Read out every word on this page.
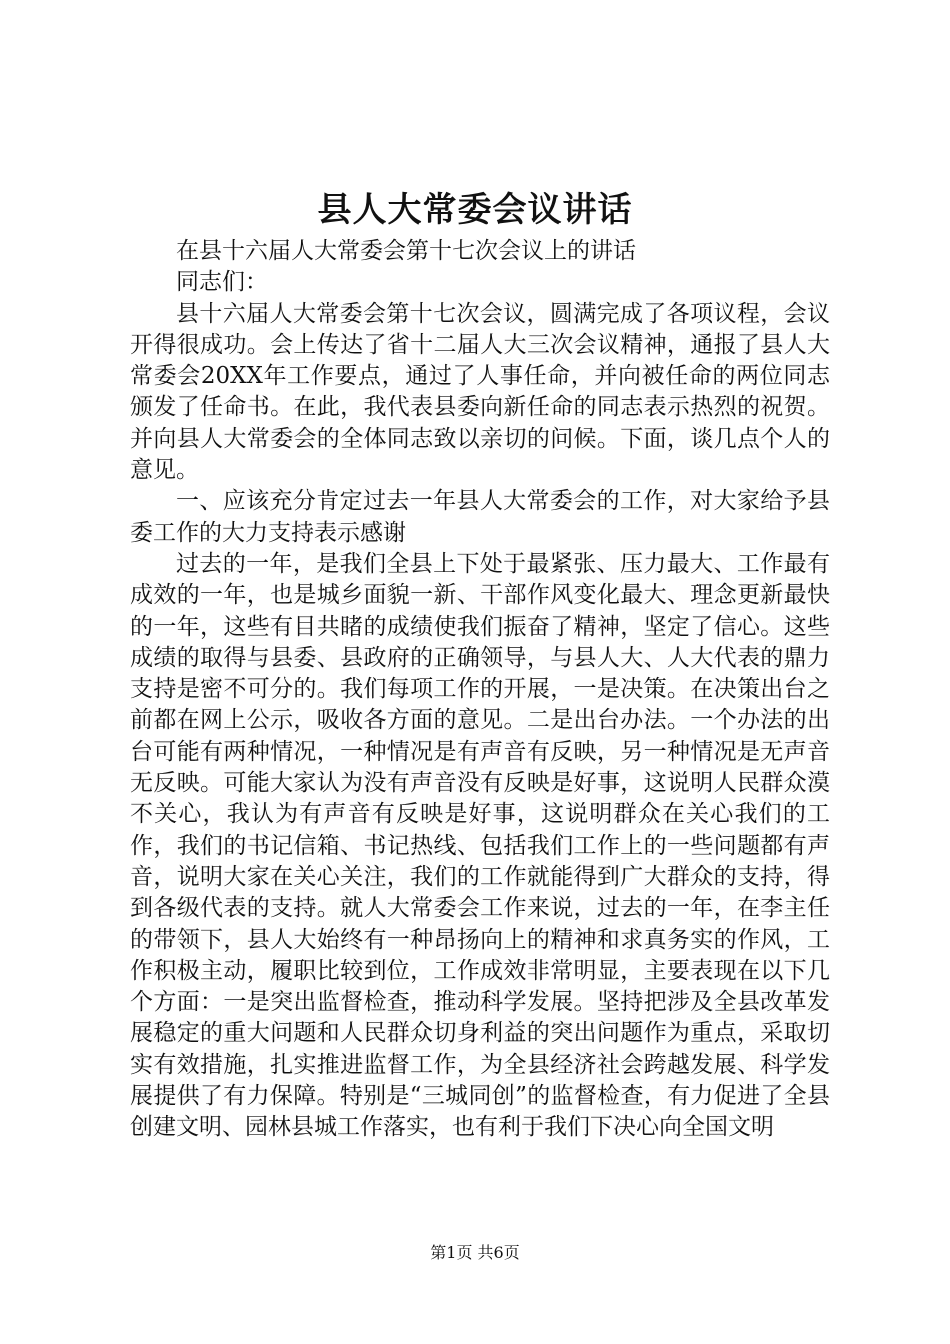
县人大常委会议讲话

在县十六届人大常委会第十七次会议上的讲话

同志们：

县十六届人大常委会第十七次会议，圆满完成了各项议程，会议开得很成功。会上传达了省十二届人大三次会议精神，通报了县人大常委会20XX年工作要点，通过了人事任命，并向被任命的两位同志颁发了任命书。在此，我代表县委向新任命的同志表示热烈的祝贺。并向县人大常委会的全体同志致以亲切的问候。下面，谈几点个人的意见。

一、应该充分肯定过去一年县人大常委会的工作，对大家给予县委工作的大力支持表示感谢

过去的一年，是我们全县上下处于最紧张、压力最大、工作最有成效的一年，也是城乡面貌一新、干部作风变化最大、理念更新最快的一年，这些有目共睹的成绩使我们振奋了精神，坚定了信心。这些成绩的取得与县委、县政府的正确领导，与县人大、人大代表的鼎力支持是密不可分的。我们每项工作的开展，一是决策。在决策出台之前都在网上公示，吸收各方面的意见。二是出台办法。一个办法的出台可能有两种情况，一种情况是有声音有反映，另一种情况是无声音无反映。可能大家认为没有声音没有反映是好事，这说明人民群众漠不关心，我认为有声音有反映是好事，这说明群众在关心我们的工作，我们的书记信箱、书记热线、包括我们工作上的一些问题都有声音，说明大家在关心关注，我们的工作就能得到广大群众的支持，得到各级代表的支持。就人大常委会工作来说，过去的一年，在李主任的带领下，县人大始终有一种昂扬向上的精神和求真务实的作风，工作积极主动，履职比较到位，工作成效非常明显，主要表现在以下几个方面：一是突出监督检查，推动科学发展。坚持把涉及全县改革发展稳定的重大问题和人民群众切身利益的突出问题作为重点，采取切实有效措施，扎实推进监督工作，为全县经济社会跨越发展、科学发展提供了有力保障。特别是“三城同创”的监督检查，有力促进了全县创建文明、园林县城工作落实，也有利于我们下决心向全国文明

第1页 共6页
